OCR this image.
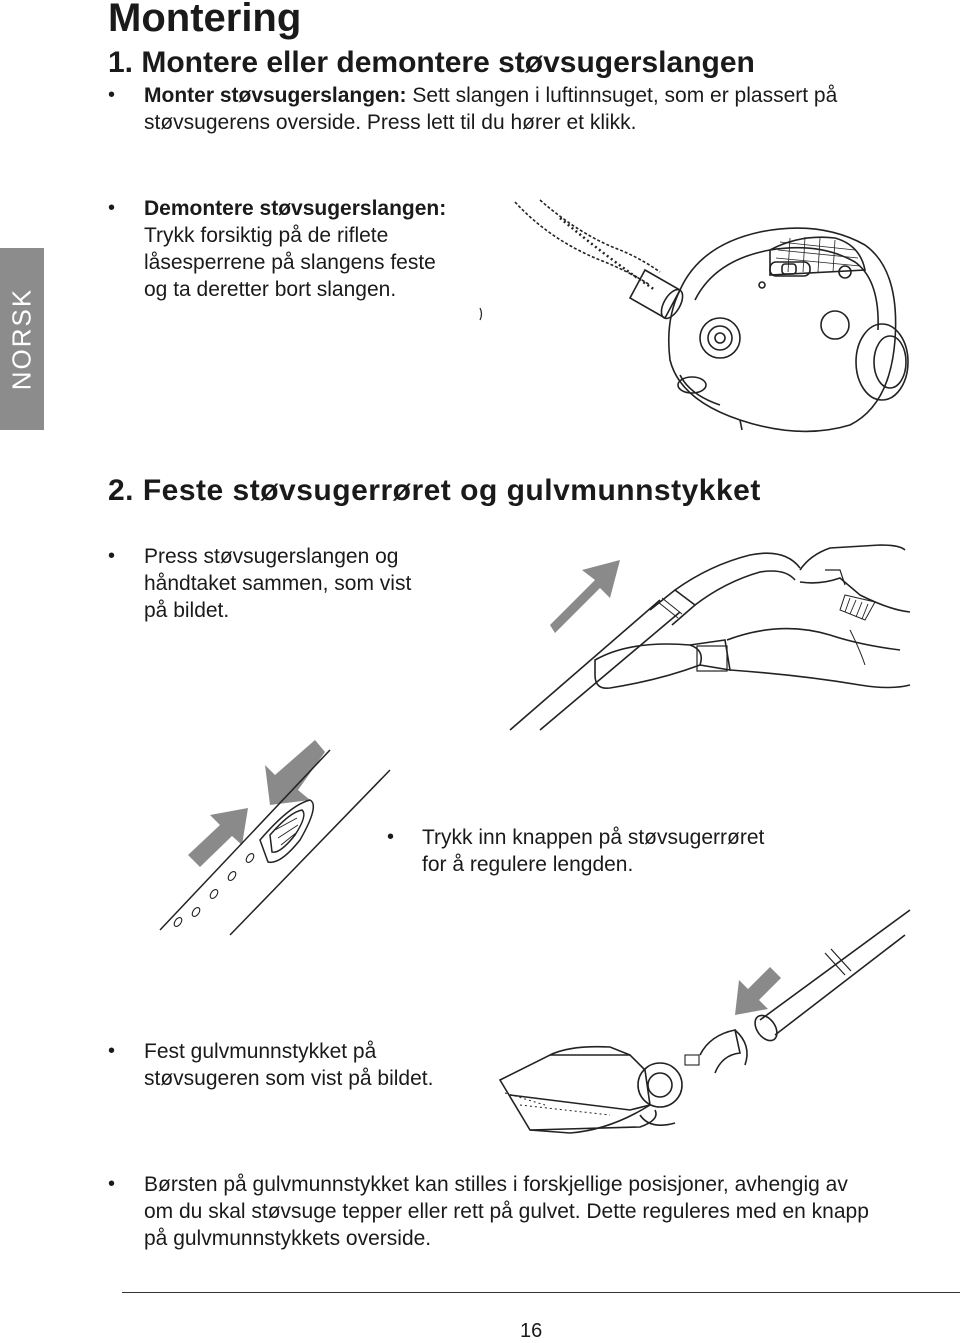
Montering
1. Montere eller demontere støvsugerslangen
• Monter støvsugerslangen: Sett slangen i luftinnsuget, som er plassert på
støvsugerens overside. Press lett til du hører et klikk.
NORSK
• Demontere støvsugerslangen:
Trykk forsiktig på de riflete
låsesperrene på slangens feste
og ta deretter bort slangen.
2. Feste støvsugerrøret og gulvmunnstykket
• Press støvsugerslangen og
håndtaket sammen, som vist
på bildet.
• Trykk inn knappen på støvsugerrøret
for å regulere lengden.
• Fest gulvmunnstykket på
støvsugeren som vist på bildet.
• Børsten på gulvmunnstykket kan stilles i forskjellige posisjoner, avhengig av
om du skal støvsuge tepper eller rett på gulvet. Dette reguleres med en knapp
på gulvmunnstykkets overside.
16
